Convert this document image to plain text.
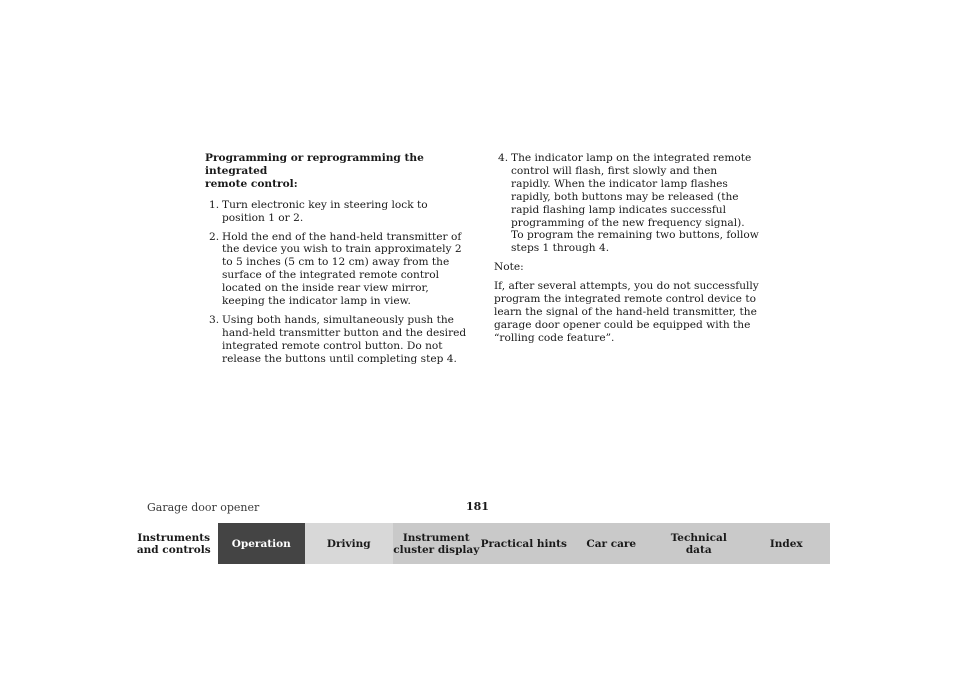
Programming or reprogramming the integrated
remote control:
1. Turn electronic key in steering lock to position 1 or 2.
2. Hold the end of the hand-held transmitter of the device you wish to train approximately 2 to 5 inches (5 cm to 12 cm) away from the surface of the integrated remote control located on the inside rear view mirror, keeping the indicator lamp in view.
3. Using both hands, simultaneously push the hand-held transmitter button and the desired integrated remote control button. Do not release the buttons until completing step 4.
4. The indicator lamp on the integrated remote control will flash, first slowly and then rapidly. When the indicator lamp flashes rapidly, both buttons may be released (the rapid flashing lamp indicates successful programming of the new frequency signal). To program the remaining two buttons, follow steps 1 through 4.
Note:

If, after several attempts, you do not successfully program the integrated remote control device to learn the signal of the hand-held transmitter, the garage door opener could be equipped with the “rolling code feature”.

Garage door opener	181
Instruments
and controls	Operation	Driving	Instrument
cluster display Practical hints	Car care	Technical
data	Index
